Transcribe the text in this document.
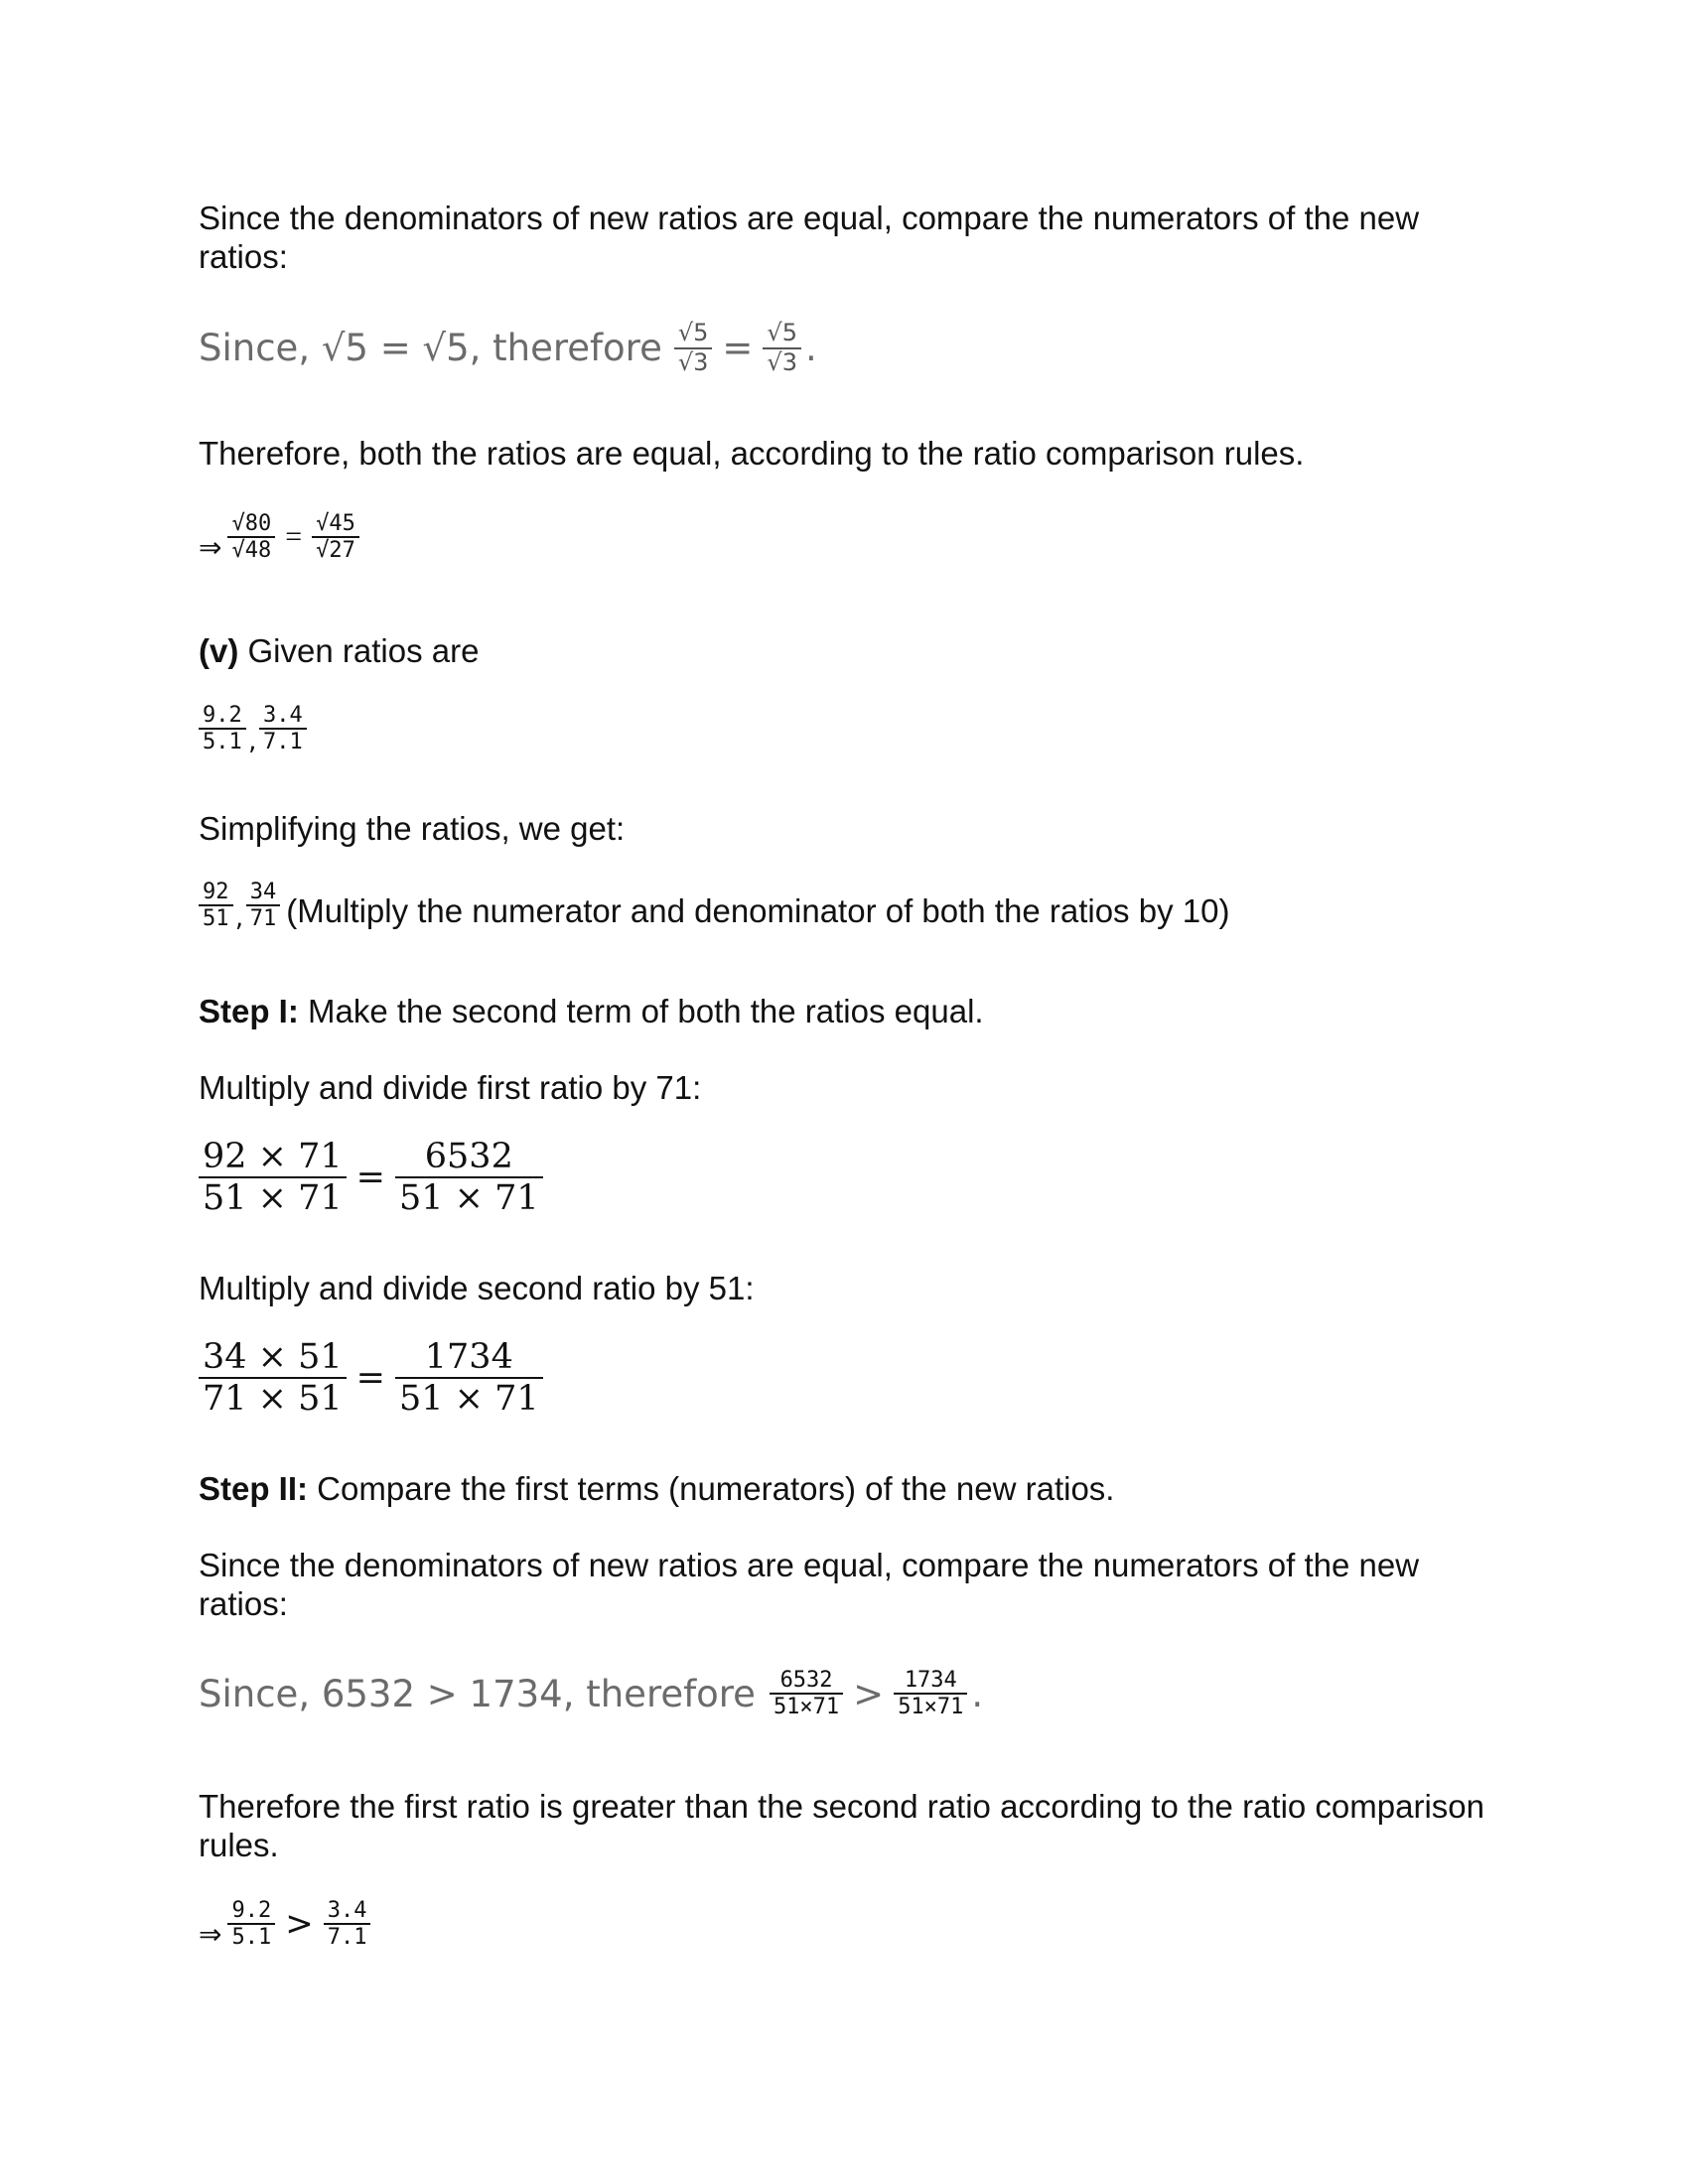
Since the denominators of new ratios are equal, compare the numerators of the new ratios:
Since, √5 = √5, therefore $\frac{√5}{√3} = \frac{√5}{√3}$ .
Therefore, both the ratios are equal, according to the ratio comparison rules.
⇒ $\frac{√80}{√48} = \frac{√45}{√27}$
(v) Given ratios are
$\frac{9.2}{5.1}$ , $\frac{3.4}{7.1}$
Simplifying the ratios, we get:
$\frac{92}{51}$ , $\frac{34}{71}$ (Multiply the numerator and denominator of both the ratios by 10)
Step I: Make the second term of both the ratios equal.
Multiply and divide first ratio by 71:
$\frac{92 \times 71}{51 \times 71} = \frac{6532}{51 \times 71}$
Multiply and divide second ratio by 51:
$\frac{34 \times 51}{71 \times 51} = \frac{1734}{51 \times 71}$
Step II: Compare the first terms (numerators) of the new ratios.
Since the denominators of new ratios are equal, compare the numerators of the new ratios:
Since, 6532 > 1734, therefore $\frac{6532}{51\times 71} > \frac{1734}{51\times 71}$ .
Therefore the first ratio is greater than the second ratio according to the ratio comparison rules.
⇒ $\frac{9.2}{5.1} > \frac{3.4}{7.1}$
